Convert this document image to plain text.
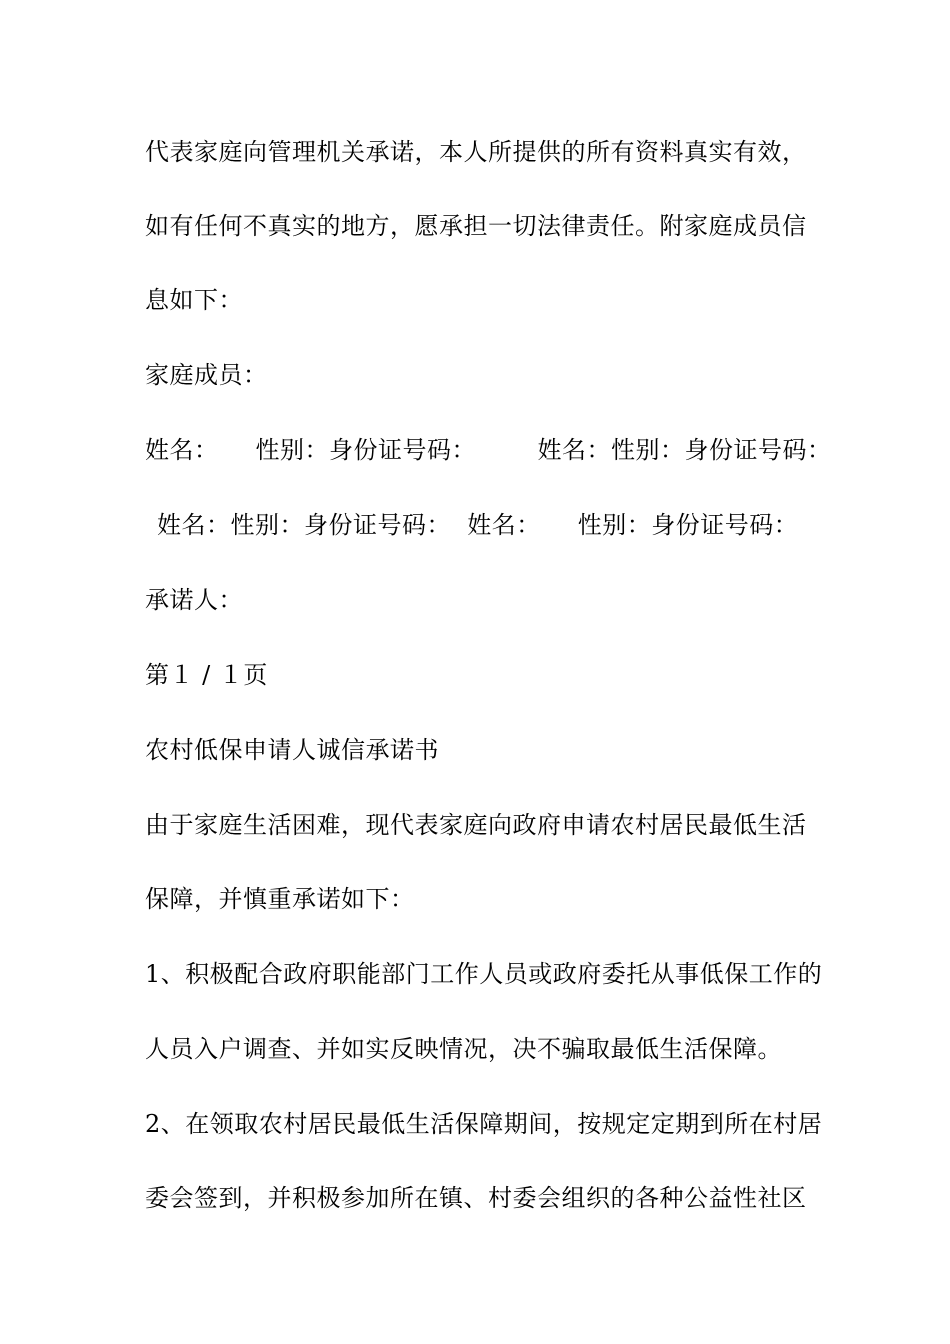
代表家庭向管理机关承诺，本人所提供的所有资料真实有效，
如有任何不真实的地方，愿承担一切法律责任。附家庭成员信
息如下：
家庭成员：
姓名：　　性别：身份证号码：　　　姓名：性别：身份证号码：
姓名：性别：身份证号码：  姓名：　　性别：身份证号码：
承诺人：
第１ / １页
农村低保申请人诚信承诺书
由于家庭生活困难，现代表家庭向政府申请农村居民最低生活
保障，并慎重承诺如下：
1、积极配合政府职能部门工作人员或政府委托从事低保工作的
人员入户调查、并如实反映情况，决不骗取最低生活保障。
2、在领取农村居民最低生活保障期间，按规定定期到所在村居
委会签到，并积极参加所在镇、村委会组织的各种公益性社区
